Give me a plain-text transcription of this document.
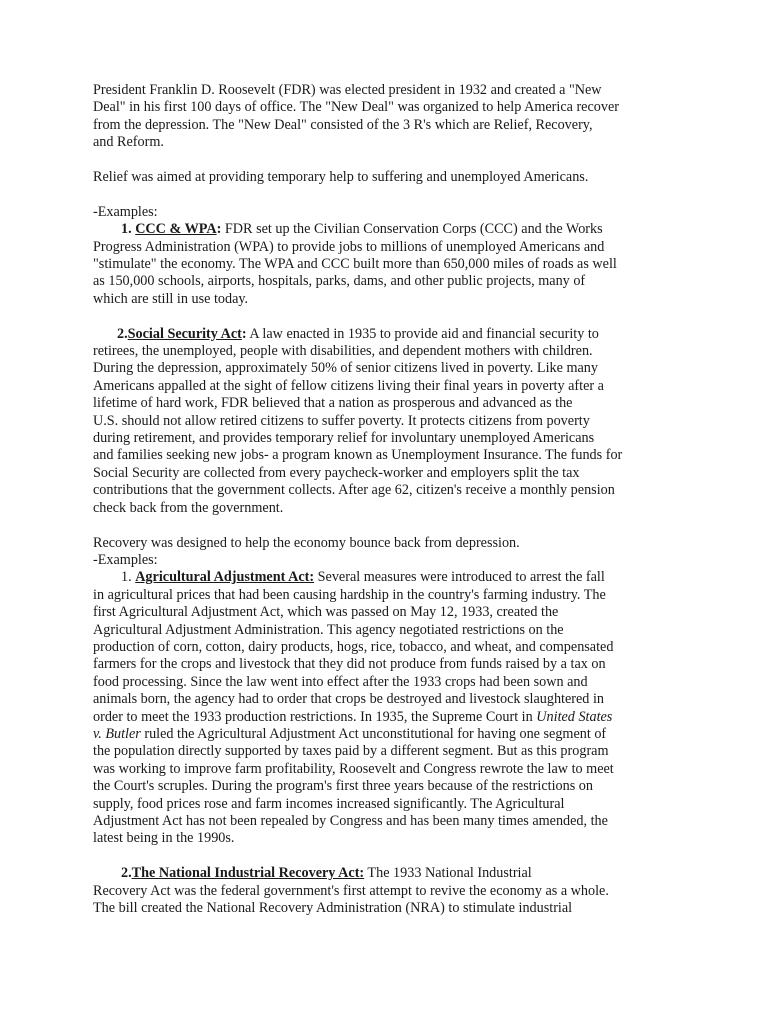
President Franklin D. Roosevelt (FDR) was elected president in 1932 and created a "New
Deal" in his first 100 days of office. The "New Deal" was organized to help America recover
from the depression. The "New Deal" consisted of the 3 R's which are Relief, Recovery,
and Reform.
Relief was aimed at providing temporary help to suffering and unemployed Americans.
-Examples:
1. CCC & WPA: FDR set up the Civilian Conservation Corps (CCC) and the Works
Progress Administration (WPA) to provide jobs to millions of unemployed Americans and
"stimulate" the economy. The WPA and CCC built more than 650,000 miles of roads as well
as 150,000 schools, airports, hospitals, parks, dams, and other public projects, many of
which are still in use today.
2.Social Security Act: A law enacted in 1935 to provide aid and financial security to
retirees, the unemployed, people with disabilities, and dependent mothers with children.
During the depression, approximately 50% of senior citizens lived in poverty. Like many
Americans appalled at the sight of fellow citizens living their final years in poverty after a
lifetime of hard work, FDR believed that a nation as prosperous and advanced as the
U.S. should not allow retired citizens to suffer poverty. It protects citizens from poverty
during retirement, and provides temporary relief for involuntary unemployed Americans
and families seeking new jobs- a program known as Unemployment Insurance. The funds for
Social Security are collected from every paycheck-worker and employers split the tax
contributions that the government collects. After age 62, citizen's receive a monthly pension
check back from the government.
Recovery was designed to help the economy bounce back from depression.
-Examples:
1. Agricultural Adjustment Act: Several measures were introduced to arrest the fall
in agricultural prices that had been causing hardship in the country's farming industry. The
first Agricultural Adjustment Act, which was passed on May 12, 1933, created the
Agricultural Adjustment Administration. This agency negotiated restrictions on the
production of corn, cotton, dairy products, hogs, rice, tobacco, and wheat, and compensated
farmers for the crops and livestock that they did not produce from funds raised by a tax on
food processing. Since the law went into effect after the 1933 crops had been sown and
animals born, the agency had to order that crops be destroyed and livestock slaughtered in
order to meet the 1933 production restrictions. In 1935, the Supreme Court in United States
v. Butler ruled the Agricultural Adjustment Act unconstitutional for having one segment of
the population directly supported by taxes paid by a different segment. But as this program
was working to improve farm profitability, Roosevelt and Congress rewrote the law to meet
the Court's scruples. During the program's first three years because of the restrictions on
supply, food prices rose and farm incomes increased significantly. The Agricultural
Adjustment Act has not been repealed by Congress and has been many times amended, the
latest being in the 1990s.
2.The National Industrial Recovery Act: The 1933 National Industrial
Recovery Act was the federal government's first attempt to revive the economy as a whole.
The bill created the National Recovery Administration (NRA) to stimulate industrial
